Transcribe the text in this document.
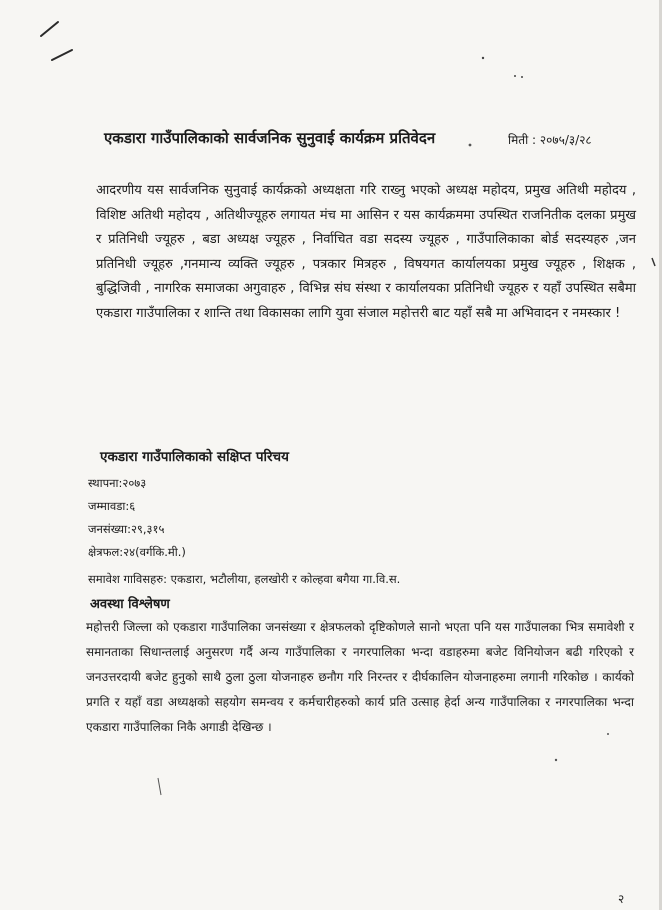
एकडारा गाउँपालिकाको सार्वजनिक सुनुवाई कार्यक्रम प्रतिवेदन	मिती : २०७५/३/२८
आदरणीय यस सार्वजनिक सुनुवाई कार्यक्रको अध्यक्षता गरि राख्नु भएको अध्यक्ष महोदय, प्रमुख अतिथी महोदय , विशिष्ट अतिथी महोदय , अतिथीज्यूहरु लगायत मंच मा आसिन र यस कार्यक्रममा उपस्थित राजनितीक दलका प्रमुख र प्रतिनिधी ज्यूहरु , बडा अध्यक्ष ज्यूहरु , निर्वाचित वडा सदस्य ज्यूहरु , गाउँपालिकाका बोर्ड सदस्यहरु ,जन प्रतिनिधी ज्यूहरु ,गनमान्य व्यक्ति ज्यूहरु , पत्रकार मित्रहरु , विषयगत कार्यालयका प्रमुख ज्यूहरु , शिक्षक , बुद्धिजिवी , नागरिक समाजका अगुवाहरु , विभिन्न संघ संस्था र कार्यालयका प्रतिनिधी ज्यूहरु र यहाँ उपस्थित सबैमा एकडारा गाउँपालिका र शान्ति तथा विकासका लागि युवा संजाल महोत्तरी बाट यहाँ सबै मा अभिवादन र नमस्कार !
एकडारा गाउँपालिकाको सक्षिप्त परिचय
स्थापना:२०७३
जम्मावडा:६
जनसंख्या:२९,३१५
क्षेत्रफल:२४(वर्गकि.मी.)
समावेश गाविसहरु: एकडारा, भटौलीया, हलखोरी र कोल्हवा बगैया गा.वि.स.
अवस्था विश्लेषण
महोत्तरी जिल्ला को एकडारा गाउँपालिका जनसंख्या र क्षेत्रफलको दृष्टिकोणले सानो भएता पनि यस गाउँपालका भित्र समावेशी र समानताका सिधान्तलाई अनुसरण गर्दै अन्य गाउँपालिका र नगरपालिका भन्दा वडाहरुमा बजेट विनियोजन बढी गरिएको र जनउत्तरदायी बजेट हुनुको साथै ठुला ठुला योजनाहरु छनौग गरि निरन्तर र दीर्घकालिन योजनाहरुमा लगानी गरिकोछ । कार्यको प्रगति र यहाँ वडा अध्यक्षको सहयोग समन्वय र कर्मचारीहरुको कार्य प्रति उत्साह हेर्दा अन्य गाउँपालिका र नगरपालिका भन्दा एकडारा गाउँपालिका निकै अगाडी देखिन्छ ।
२
